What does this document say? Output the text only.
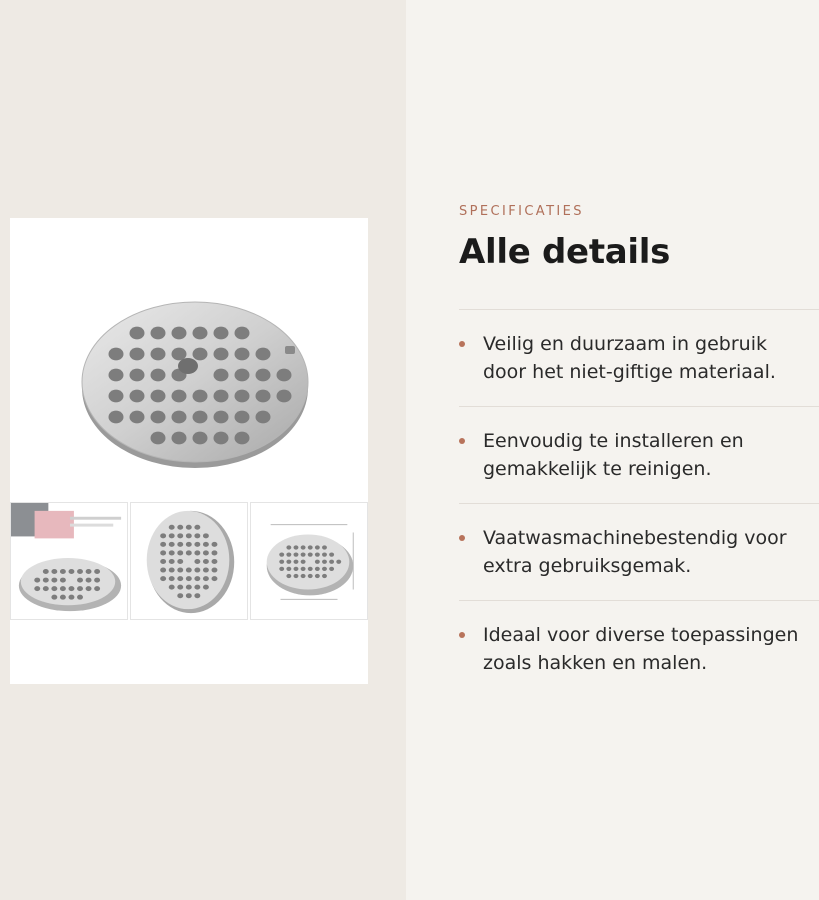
SPECIFICATIES
Alle details
Veilig en duurzaam in gebruik door het niet-giftige materiaal.
Eenvoudig te installeren en gemakkelijk te reinigen.
Vaatwasmachinebestendig voor extra gebruiksgemak.
Ideaal voor diverse toepassingen zoals hakken en malen.
